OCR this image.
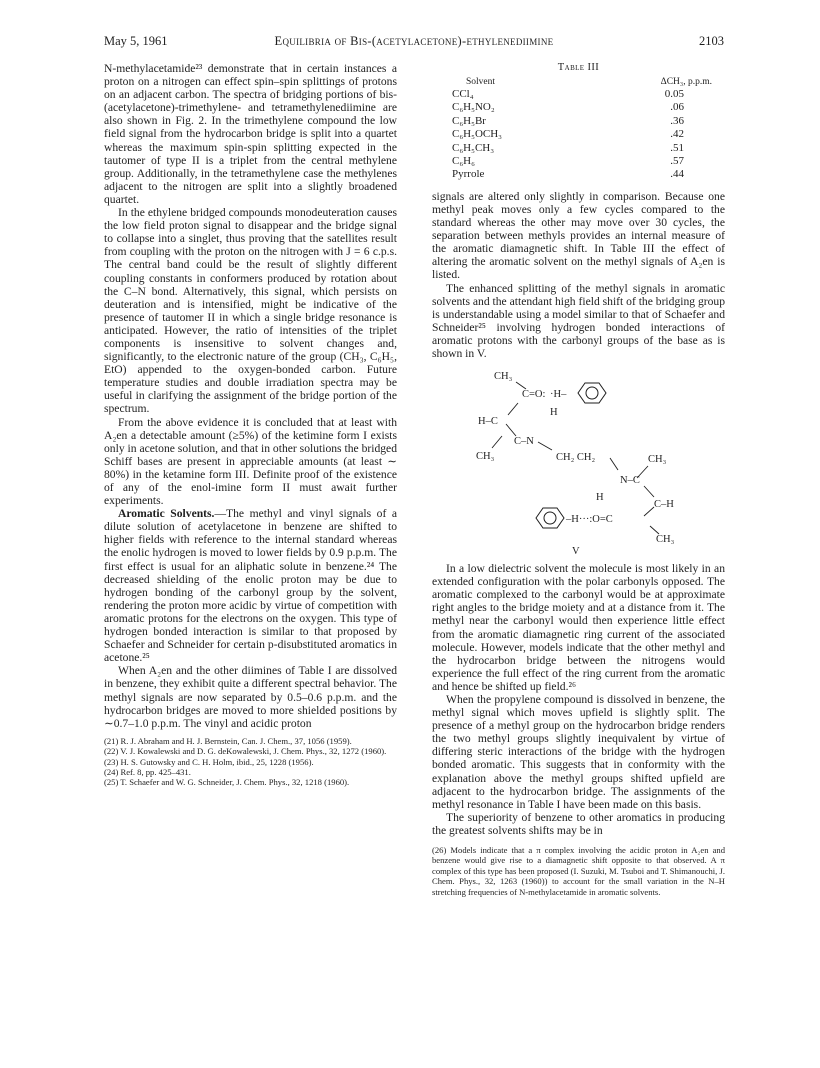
May 5, 1961	Equilibria of Bis-(acetylacetone)-ethylenediimine	2103

N-methylacetamide²³ demonstrate that in certain instances a proton on a nitrogen can effect spin–spin splittings of protons on an adjacent carbon. The spectra of bridging portions of bis-(acetylacetone)-trimethylene- and tetramethylenediimine are also shown in Fig. 2. In the trimethylene compound the low field signal from the hydrocarbon bridge is split into a quartet whereas the maximum spin-spin splitting expected in the tautomer of type II is a triplet from the central methylene group. Additionally, in the tetramethylene case the methylenes adjacent to the nitrogen are split into a slightly broadened quartet.

In the ethylene bridged compounds monodeuteration causes the low field proton signal to disappear and the bridge signal to collapse into a singlet, thus proving that the satellites result from coupling with the proton on the nitrogen with J = 6 c.p.s. The central band could be the result of slightly different coupling constants in conformers produced by rotation about the C–N bond. Alternatively, this signal, which persists on deuteration and is intensified, might be indicative of the presence of tautomer II in which a single bridge resonance is anticipated. However, the ratio of intensities of the triplet components is insensitive to solvent changes and, significantly, to the electronic nature of the group (CH₃, C₆H₅, EtO) appended to the oxygen-bonded carbon. Future temperature studies and double irradiation spectra may be useful in clarifying the assignment of the bridge portion of the spectrum.

From the above evidence it is concluded that at least with A₂en a detectable amount (≥5%) of the ketimine form I exists only in acetone solution, and that in other solutions the bridged Schiff bases are present in appreciable amounts (at least ∼ 80%) in the ketamine form III. Definite proof of the existence of any of the enol-imine form II must await further experiments.

Aromatic Solvents.—The methyl and vinyl signals of a dilute solution of acetylacetone in benzene are shifted to higher fields with reference to the internal standard whereas the enolic hydrogen is moved to lower fields by 0.9 p.p.m. The first effect is usual for an aliphatic solute in benzene.²⁴ The decreased shielding of the enolic proton may be due to hydrogen bonding of the carbonyl group by the solvent, rendering the proton more acidic by virtue of competition with aromatic protons for the electrons on the oxygen. This type of hydrogen bonded interaction is similar to that proposed by Schaefer and Schneider for certain p-disubstituted aromatics in acetone.²⁵

When A₂en and the other diimines of Table I are dissolved in benzene, they exhibit quite a different spectral behavior. The methyl signals are now separated by 0.5–0.6 p.p.m. and the hydrocarbon bridges are moved to more shielded positions by ∼0.7–1.0 p.p.m. The vinyl and acidic proton

(21) R. J. Abraham and H. J. Bernstein, Can. J. Chem., 37, 1056 (1959).
(22) V. J. Kowalewski and D. G. deKowalewski, J. Chem. Phys., 32, 1272 (1960).
(23) H. S. Gutowsky and C. H. Holm, ibid., 25, 1228 (1956).
(24) Ref. 8, pp. 425–431.
(25) T. Schaefer and W. G. Schneider, J. Chem. Phys., 32, 1218 (1960).
Table III
Solvent	ΔCH₃, p.p.m.
CCl₄	0.05
C₆H₅NO₂	.06
C₆H₅Br	.36
C₆H₅OCH₃	.42
C₆H₅CH₃	.51
C₆H₆	.57
Pyrrole	.44

signals are altered only slightly in comparison. Because one methyl peak moves only a few cycles compared to the standard whereas the other may move over 30 cycles, the separation between methyls provides an internal measure of the aromatic diamagnetic shift. In Table III the effect of altering the aromatic solvent on the methyl signals of A₂en is listed.

The enhanced splitting of the methyl signals in aromatic solvents and the attendant high field shift of the bridging group is understandable using a model similar to that of Schaefer and Schneider²⁵ involving hydrogen bonded interactions of aromatic protons with the carbonyl groups of the base as is shown in V.

CH₃
C=O: ·H–
H–C
H
C–N
CH₃	CH₂ CH₂
N–C
CH₃
H
C–H
–H···:O=C
CH₃
V

In a low dielectric solvent the molecule is most likely in an extended configuration with the polar carbonyls opposed. The aromatic complexed to the carbonyl would be at approximate right angles to the bridge moiety and at a distance from it. The methyl near the carbonyl would then experience little effect from the aromatic diamagnetic ring current of the associated molecule. However, models indicate that the other methyl and the hydrocarbon bridge between the nitrogens would experience the full effect of the ring current from the aromatic and hence be shifted up field.²⁶

When the propylene compound is dissolved in benzene, the methyl signal which moves upfield is slightly split. The presence of a methyl group on the hydrocarbon bridge renders the two methyl groups slightly inequivalent by virtue of differing steric interactions of the bridge with the hydrogen bonded aromatic. This suggests that in conformity with the explanation above the methyl groups shifted upfield are adjacent to the hydrocarbon bridge. The assignments of the methyl resonance in Table I have been made on this basis.

The superiority of benzene to other aromatics in producing the greatest solvents shifts may be in

(26) Models indicate that a π complex involving the acidic proton in A₂en and benzene would give rise to a diamagnetic shift opposite to that observed. A π complex of this type has been proposed (I. Suzuki, M. Tsuboi and T. Shimanouchi, J. Chem. Phys., 32, 1263 (1960)) to account for the small variation in the N–H stretching frequencies of N-methylacetamide in aromatic solvents.
